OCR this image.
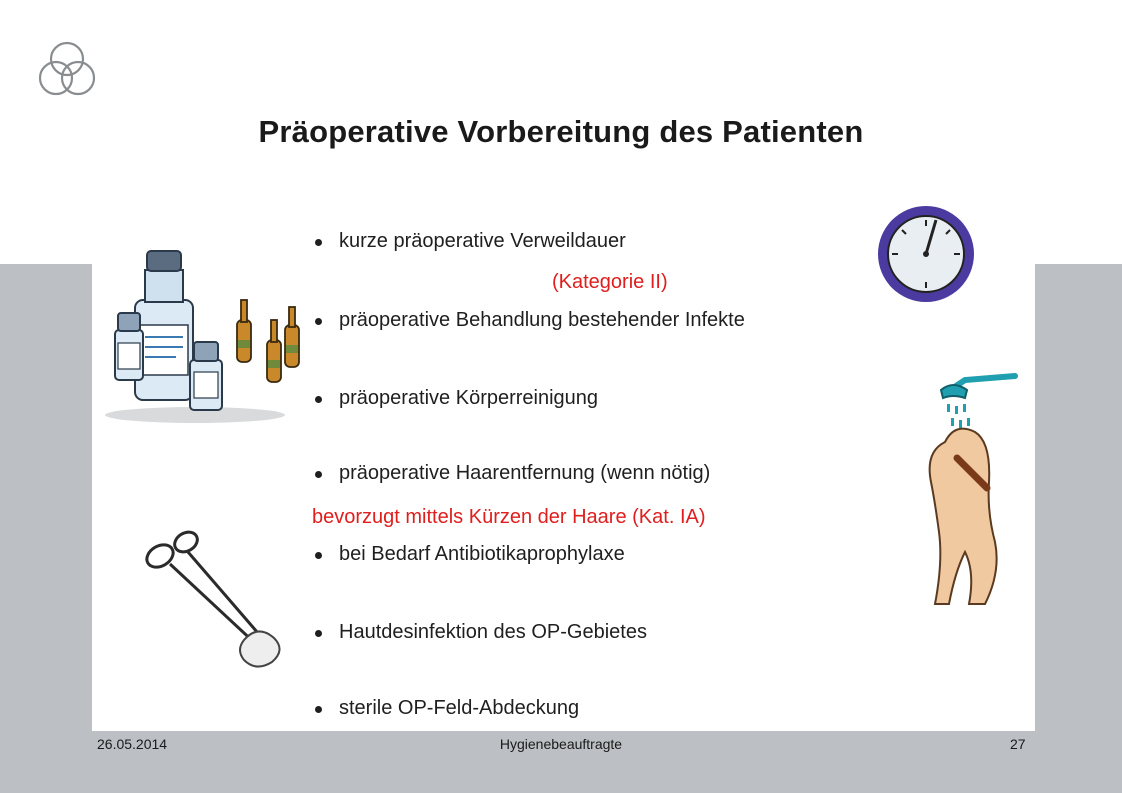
Präoperative Vorbereitung des Patienten
kurze präoperative Verweildauer
(Kategorie II)
präoperative Behandlung bestehender Infekte
präoperative Körperreinigung
präoperative Haarentfernung (wenn nötig)
bevorzugt mittels Kürzen der Haare (Kat. IA)
bei Bedarf Antibiotikaprophylaxe
Hautdesinfektion des OP-Gebietes
sterile OP-Feld-Abdeckung
26.05.2014	Hygienebeauftragte	27
